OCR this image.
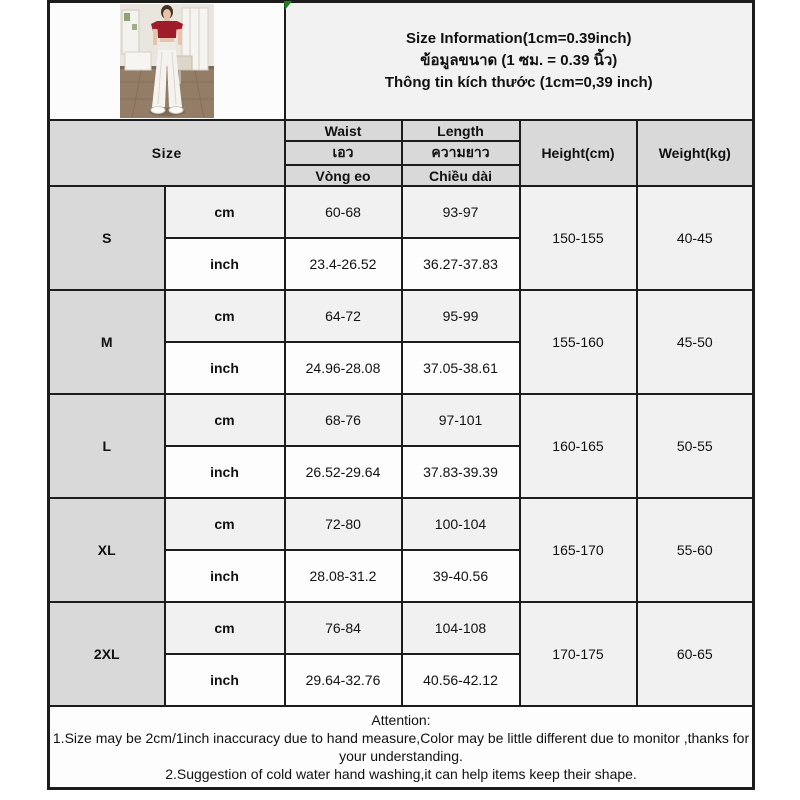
Size Information(1cm=0.39inch)
ข้อมูลขนาด (1 ซม. = 0.39 นิ้ว)
Thông tin kích thước (1cm=0,39 inch)			

Size		Waist	Length	Height(cm)	Weight(kg)
		เอว	ความยาว		
		Vòng eo	Chiều dài		
S	cm	60-68	93-97	150-155	40-45
	inch	23.4-26.52	36.27-37.83		
M	cm	64-72	95-99	155-160	45-50
	inch	24.96-28.08	37.05-38.61		
L	cm	68-76	97-101	160-165	50-55
	inch	26.52-29.64	37.83-39.39		
XL	cm	72-80	100-104	165-170	55-60
	inch	28.08-31.2	39-40.56		
2XL	cm	76-84	104-108	170-175	60-65
	inch	29.64-32.76	40.56-42.12		

Attention:
1.Size may be 2cm/1inch inaccuracy due to hand measure,Color may be little different due to monitor ,thanks for your understanding.
2.Suggestion of cold water hand washing,it can help items keep their shape.					
